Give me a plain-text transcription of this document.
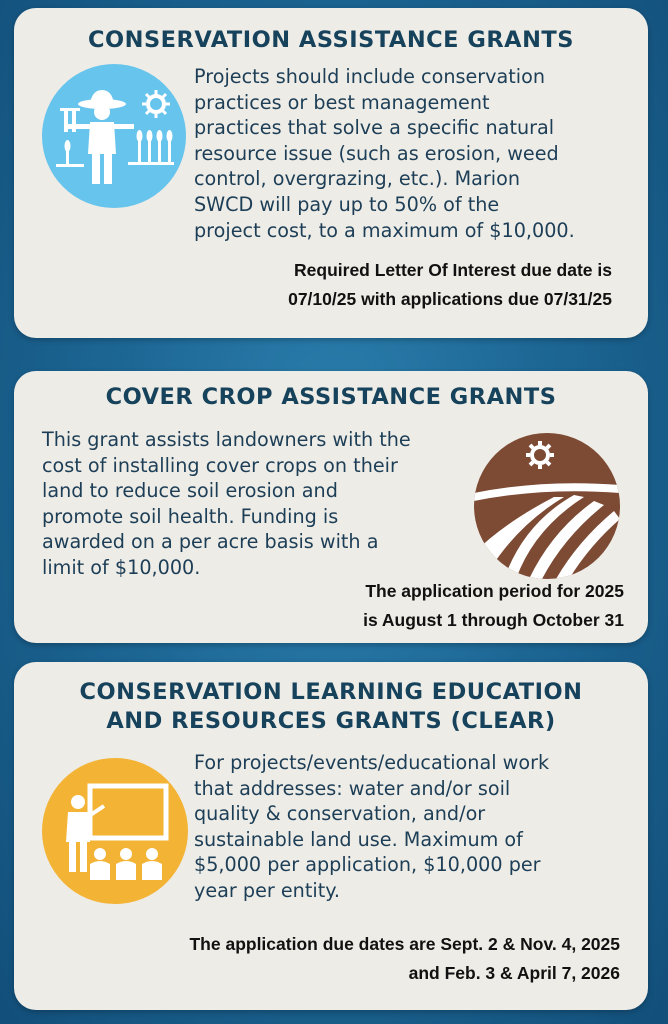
CONSERVATION ASSISTANCE GRANTS

Projects should include conservation
practices or best management
practices that solve a specific natural
resource issue (such as erosion, weed
control, overgrazing, etc.). Marion
SWCD will pay up to 50% of the
project cost, to a maximum of $10,000.

Required Letter Of Interest due date is
07/10/25 with applications due 07/31/25

COVER CROP ASSISTANCE GRANTS

This grant assists landowners with the
cost of installing cover crops on their
land to reduce soil erosion and
promote soil health. Funding is
awarded on a per acre basis with a
limit of $10,000.

The application period for 2025
is August 1 through October 31

CONSERVATION LEARNING EDUCATION
AND RESOURCES GRANTS (CLEAR)

For projects/events/educational work
that addresses: water and/or soil
quality & conservation, and/or
sustainable land use. Maximum of
$5,000 per application, $10,000 per
year per entity.

The application due dates are Sept. 2 & Nov. 4, 2025
and Feb. 3 & April 7, 2026
